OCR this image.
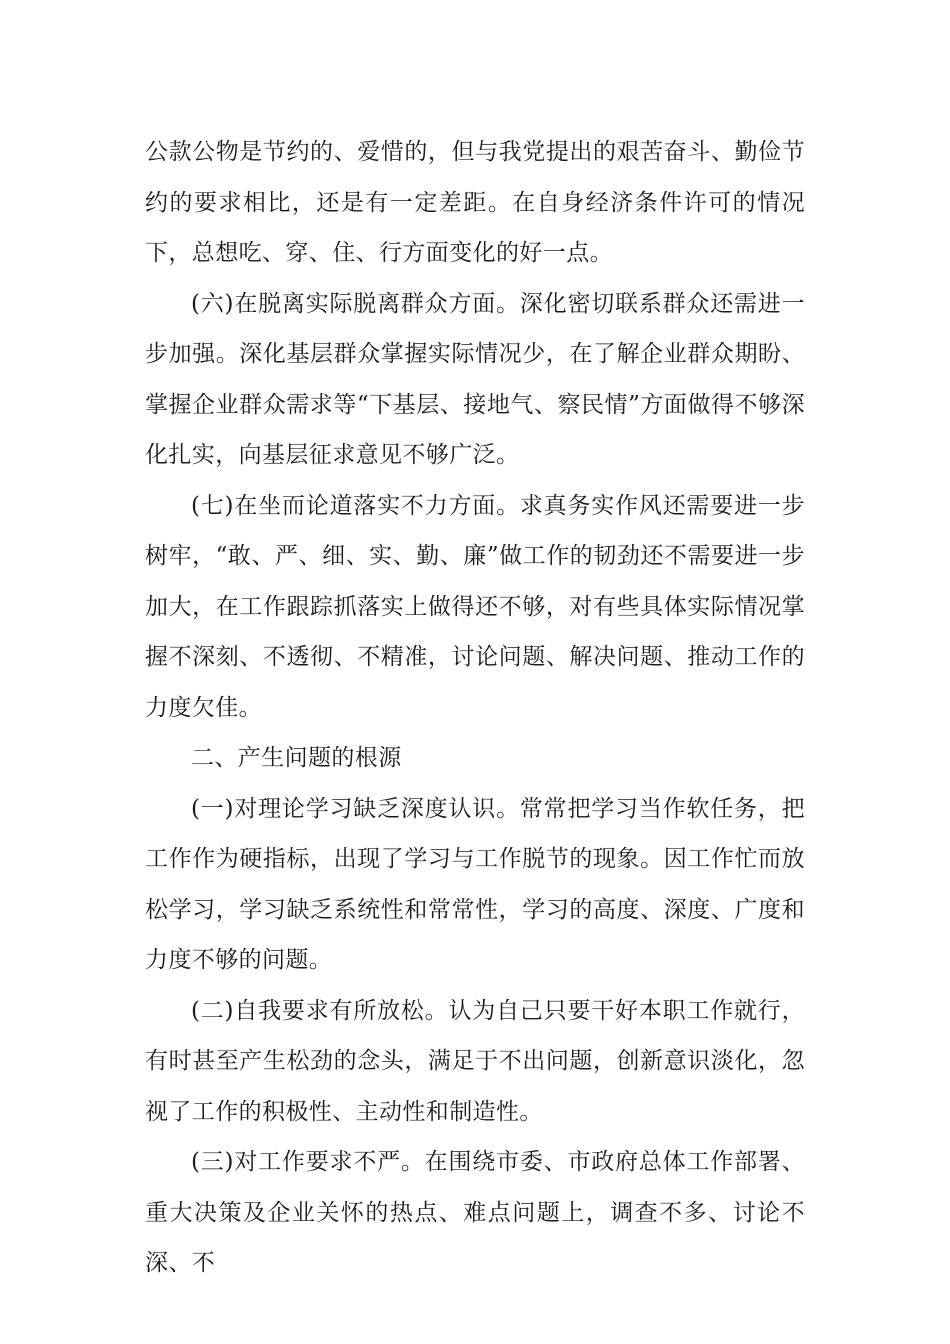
公款公物是节约的、爱惜的，但与我党提出的艰苦奋斗、勤俭节约的要求相比，还是有一定差距。在自身经济条件许可的情况下，总想吃、穿、住、行方面变化的好一点。

(六)在脱离实际脱离群众方面。深化密切联系群众还需进一步加强。深化基层群众掌握实际情况少，在了解企业群众期盼、掌握企业群众需求等“下基层、接地气、察民情”方面做得不够深化扎实，向基层征求意见不够广泛。

(七)在坐而论道落实不力方面。求真务实作风还需要进一步树牢，“敢、严、细、实、勤、廉”做工作的韧劲还不需要进一步加大，在工作跟踪抓落实上做得还不够，对有些具体实际情况掌握不深刻、不透彻、不精准，讨论问题、解决问题、推动工作的力度欠佳。

二、产生问题的根源

(一)对理论学习缺乏深度认识。常常把学习当作软任务，把工作作为硬指标，出现了学习与工作脱节的现象。因工作忙而放松学习，学习缺乏系统性和常常性，学习的高度、深度、广度和力度不够的问题。

(二)自我要求有所放松。认为自己只要干好本职工作就行，有时甚至产生松劲的念头，满足于不出问题，创新意识淡化，忽视了工作的积极性、主动性和制造性。

(三)对工作要求不严。在围绕市委、市政府总体工作部署、重大决策及企业关怀的热点、难点问题上，调查不多、讨论不深、不
